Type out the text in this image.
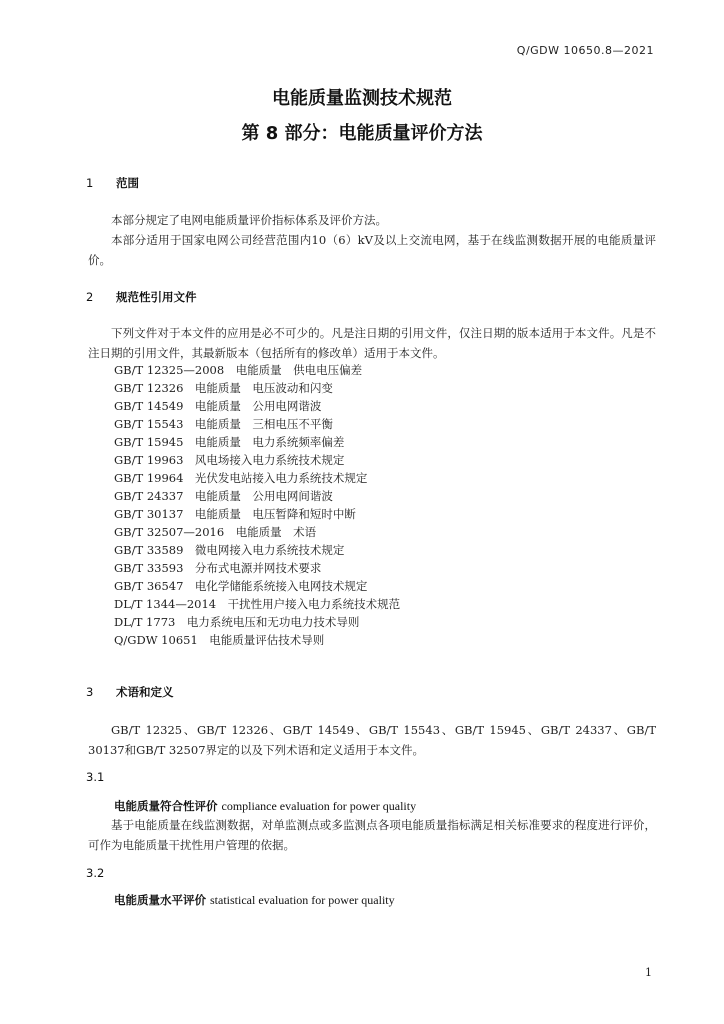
Q/GDW 10650.8—2021
电能质量监测技术规范
第 8 部分：电能质量评价方法
1 范围

本部分规定了电网电能质量评价指标体系及评价方法。

本部分适用于国家电网公司经营范围内10（6）kV及以上交流电网，基于在线监测数据开展的电能质量评价。

2 规范性引用文件

下列文件对于本文件的应用是必不可少的。凡是注日期的引用文件，仅注日期的版本适用于本文件。凡是不注日期的引用文件，其最新版本（包括所有的修改单）适用于本文件。

GB/T 12325—2008　电能质量　供电电压偏差
GB/T 12326　电能质量　电压波动和闪变
GB/T 14549　电能质量　公用电网谐波
GB/T 15543　电能质量　三相电压不平衡
GB/T 15945　电能质量　电力系统频率偏差
GB/T 19963　风电场接入电力系统技术规定
GB/T 19964　光伏发电站接入电力系统技术规定
GB/T 24337　电能质量　公用电网间谐波
GB/T 30137　电能质量　电压暂降和短时中断
GB/T 32507—2016　电能质量　术语
GB/T 33589　微电网接入电力系统技术规定
GB/T 33593　分布式电源并网技术要求
GB/T 36547　电化学储能系统接入电网技术规定
DL/T 1344—2014　干扰性用户接入电力系统技术规范
DL/T 1773　电力系统电压和无功电力技术导则
Q/GDW 10651　电能质量评估技术导则
3 术语和定义

GB/T 12325、GB/T 12326、GB/T 14549、GB/T 15543、GB/T 15945、GB/T 24337、GB/T 30137和GB/T 32507界定的以及下列术语和定义适用于本文件。

3.1
电能质量符合性评价 compliance evaluation for power quality

基于电能质量在线监测数据，对单监测点或多监测点各项电能质量指标满足相关标准要求的程度进行评价，可作为电能质量干扰性用户管理的依据。

3.2
电能质量水平评价 statistical evaluation for power quality
1
